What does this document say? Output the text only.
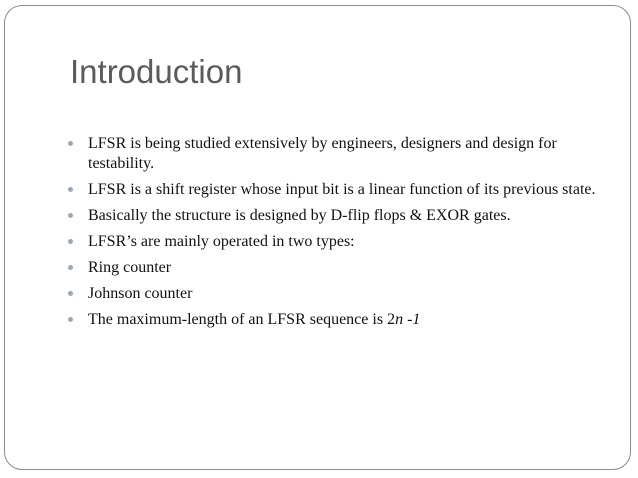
Introduction
LFSR is being studied extensively by engineers, designers and design for testability.
LFSR is a shift register whose input bit is a linear function of its previous state.
Basically the structure is designed by D-flip flops & EXOR gates.
LFSR’s are mainly operated in two types:
Ring counter
Johnson counter
The maximum-length of an LFSR sequence is 2n -1
